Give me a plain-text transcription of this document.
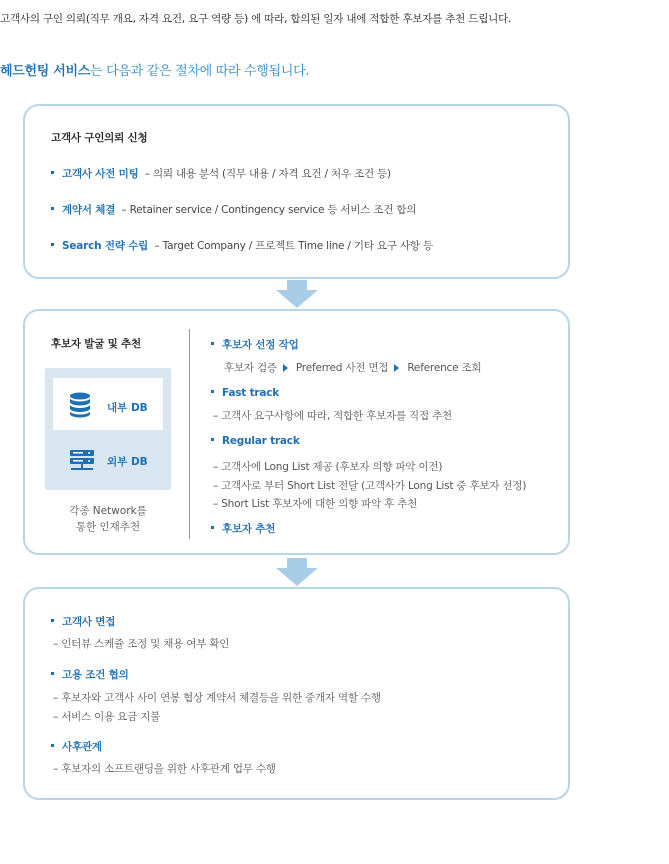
고객사의 구인 의뢰(직무 개요, 자격 요건, 요구 역량 등) 에 따라, 합의된 일자 내에 적합한 후보자를 추천 드립니다.
헤드헌팅 서비스는 다음과 같은 절차에 따라 수행됩니다.
고객사 구인의뢰 신청
고객사 사전 미팅 – 의뢰 내용 분석 (직무 내용 / 자격 요건 / 처우 조건 등)
계약서 체결 – Retainer service / Contingency service 등 서비스 조건 합의
Search 전략 수립 – Target Company / 프로젝트 Time line / 기타 요구 사항 등
후보자 발굴 및 추천
내부 DB
외부 DB
각종 Network를
통한 인재추천
후보자 선정 작업
후보자 검증 Preferred 사전 면접 Reference 조회
Fast track
– 고객사 요구사항에 따라, 적합한 후보자를 직접 추천
Regular track
– 고객사에 Long List 제공 (후보자 의향 파악 이전)
– 고객사로 부터 Short List 전달 (고객사가 Long List 중 후보자 선정)
– Short List 후보자에 대한 의향 파악 후 추천
후보자 추천
고객사 면접
– 인터뷰 스케쥴 조정 및 채용 여부 확인
고용 조건 협의
– 후보자와 고객사 사이 연봉 협상 계약서 체결등을 위한 중개자 역할 수행
– 서비스 이용 요금 지불
사후관계
– 후보자의 소프트랜딩을 위한 사후관계 업무 수행
